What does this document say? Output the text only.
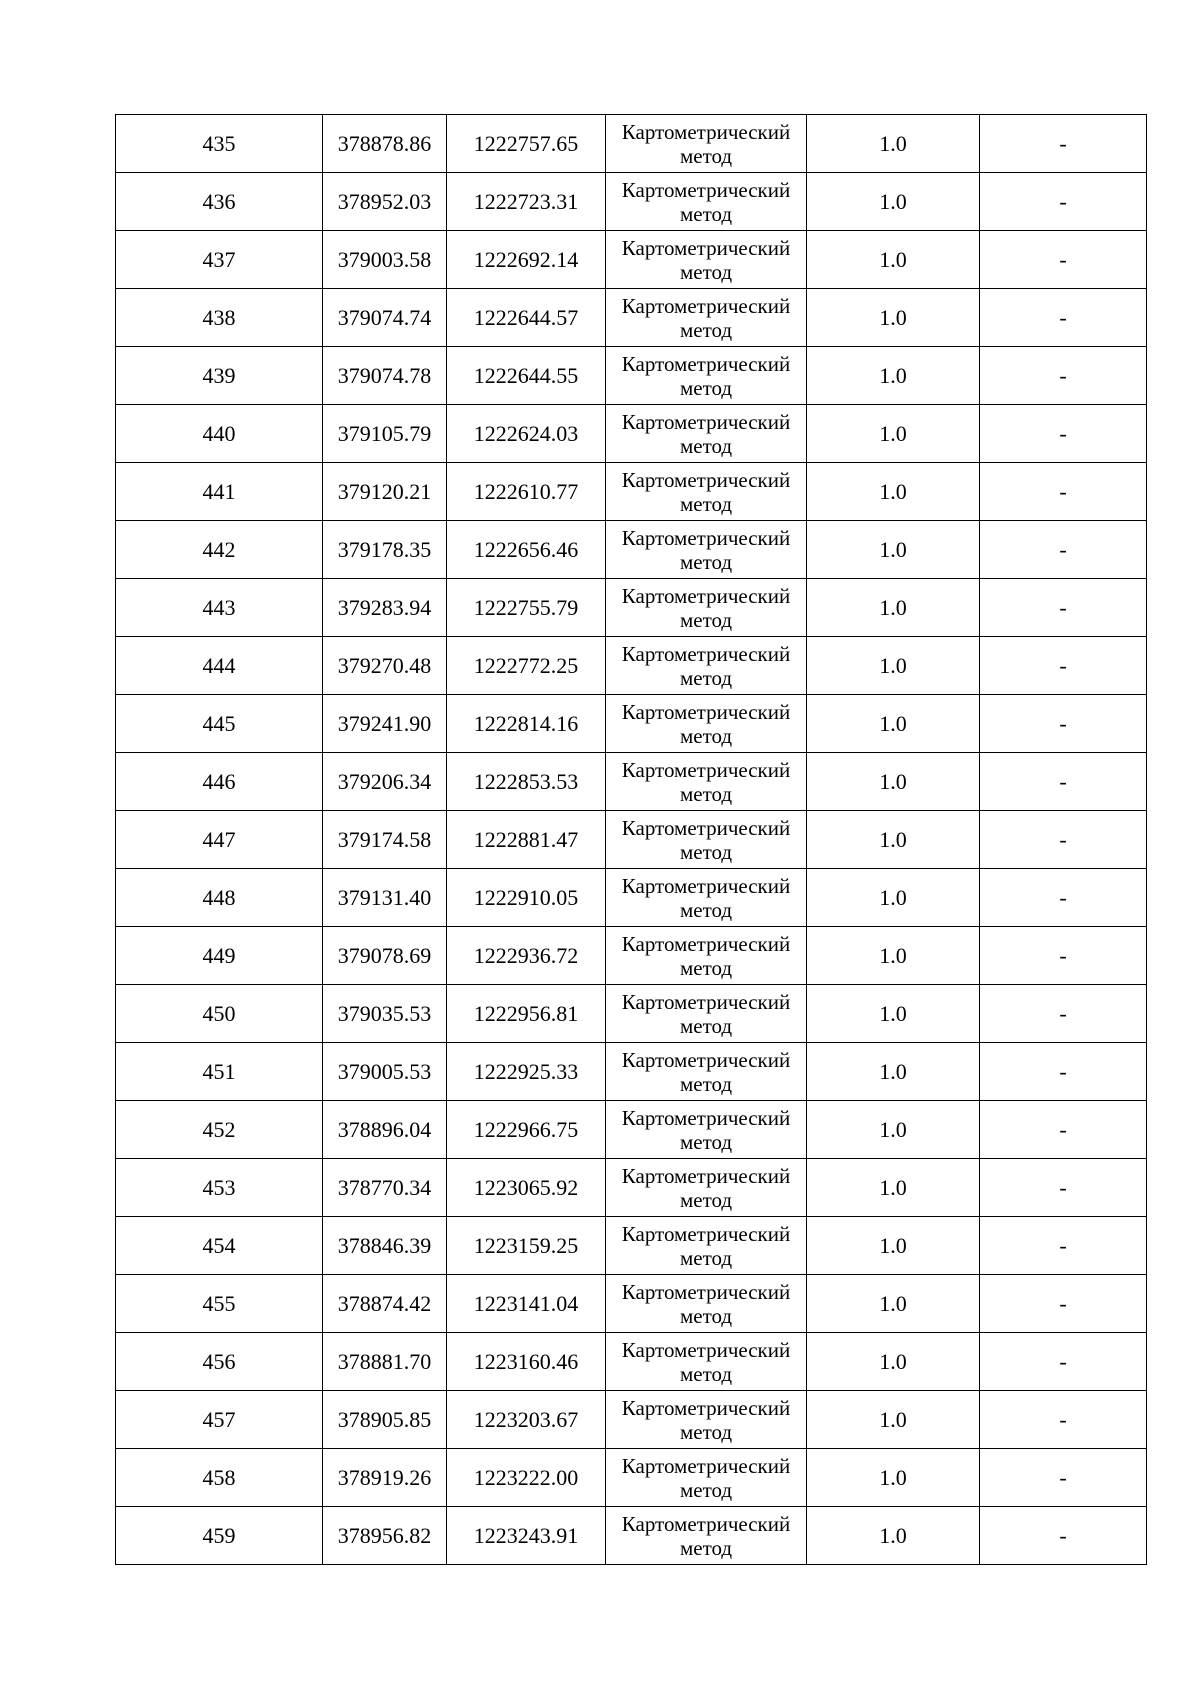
435	378878.86	1222757.65	Картометрический метод	1.0	-
436	378952.03	1222723.31	Картометрический метод	1.0	-
437	379003.58	1222692.14	Картометрический метод	1.0	-
438	379074.74	1222644.57	Картометрический метод	1.0	-
439	379074.78	1222644.55	Картометрический метод	1.0	-
440	379105.79	1222624.03	Картометрический метод	1.0	-
441	379120.21	1222610.77	Картометрический метод	1.0	-
442	379178.35	1222656.46	Картометрический метод	1.0	-
443	379283.94	1222755.79	Картометрический метод	1.0	-
444	379270.48	1222772.25	Картометрический метод	1.0	-
445	379241.90	1222814.16	Картометрический метод	1.0	-
446	379206.34	1222853.53	Картометрический метод	1.0	-
447	379174.58	1222881.47	Картометрический метод	1.0	-
448	379131.40	1222910.05	Картометрический метод	1.0	-
449	379078.69	1222936.72	Картометрический метод	1.0	-
450	379035.53	1222956.81	Картометрический метод	1.0	-
451	379005.53	1222925.33	Картометрический метод	1.0	-
452	378896.04	1222966.75	Картометрический метод	1.0	-
453	378770.34	1223065.92	Картометрический метод	1.0	-
454	378846.39	1223159.25	Картометрический метод	1.0	-
455	378874.42	1223141.04	Картометрический метод	1.0	-
456	378881.70	1223160.46	Картометрический метод	1.0	-
457	378905.85	1223203.67	Картометрический метод	1.0	-
458	378919.26	1223222.00	Картометрический метод	1.0	-
459	378956.82	1223243.91	Картометрический метод	1.0	-
